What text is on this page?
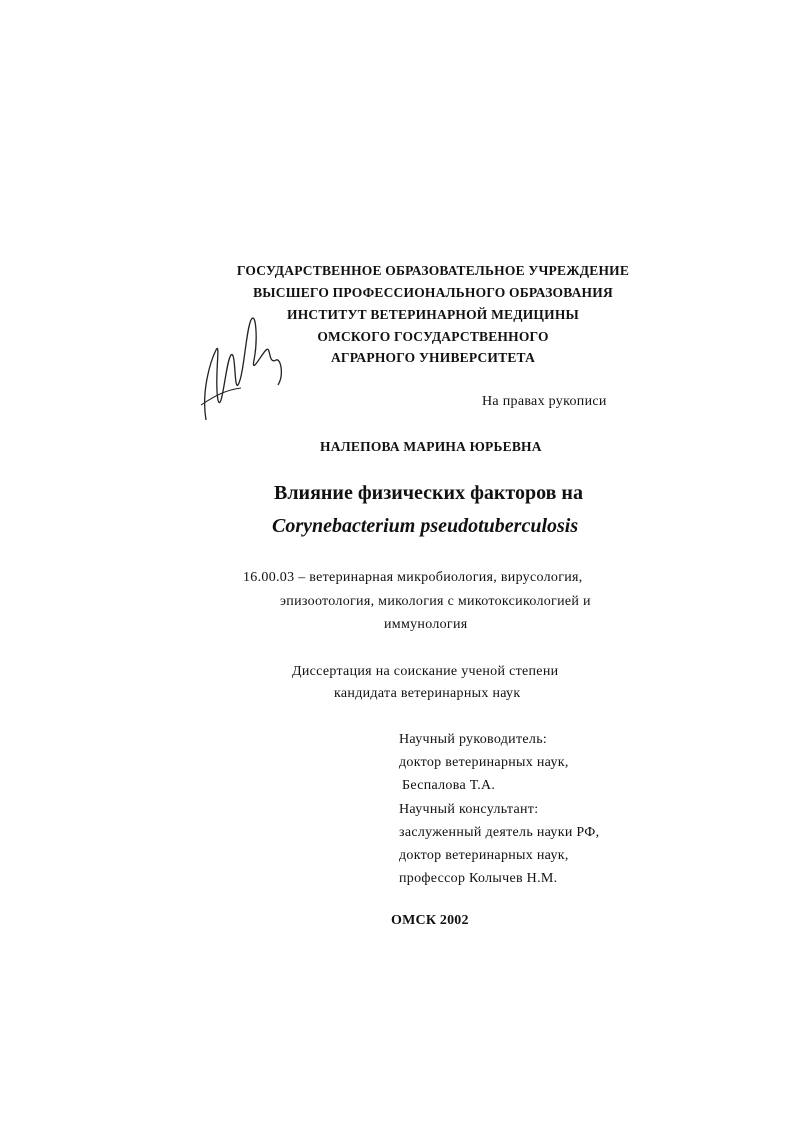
ГОСУДАРСТВЕННОЕ ОБРАЗОВАТЕЛЬНОЕ УЧРЕЖДЕНИЕ
ВЫСШЕГО ПРОФЕССИОНАЛЬНОГО ОБРАЗОВАНИЯ
ИНСТИТУТ ВЕТЕРИНАРНОЙ МЕДИЦИНЫ
ОМСКОГО ГОСУДАРСТВЕННОГО
АГРАРНОГО УНИВЕРСИТЕТА
На правах рукописи
НАЛЕПОВА МАРИНА ЮРЬЕВНА
Влияние физических факторов на
Corynebacterium pseudotuberculosis
16.00.03 – ветеринарная микробиология, вирусология,
эпизоотология, микология с микотоксикологией и
иммунология
Диссертация на соискание ученой степени
кандидата ветеринарных наук
Научный руководитель:
доктор ветеринарных наук,
Беспалова Т.А.
Научный консультант:
заслуженный деятель науки РФ,
доктор ветеринарных наук,
профессор Колычев Н.М.
ОМСК 2002
